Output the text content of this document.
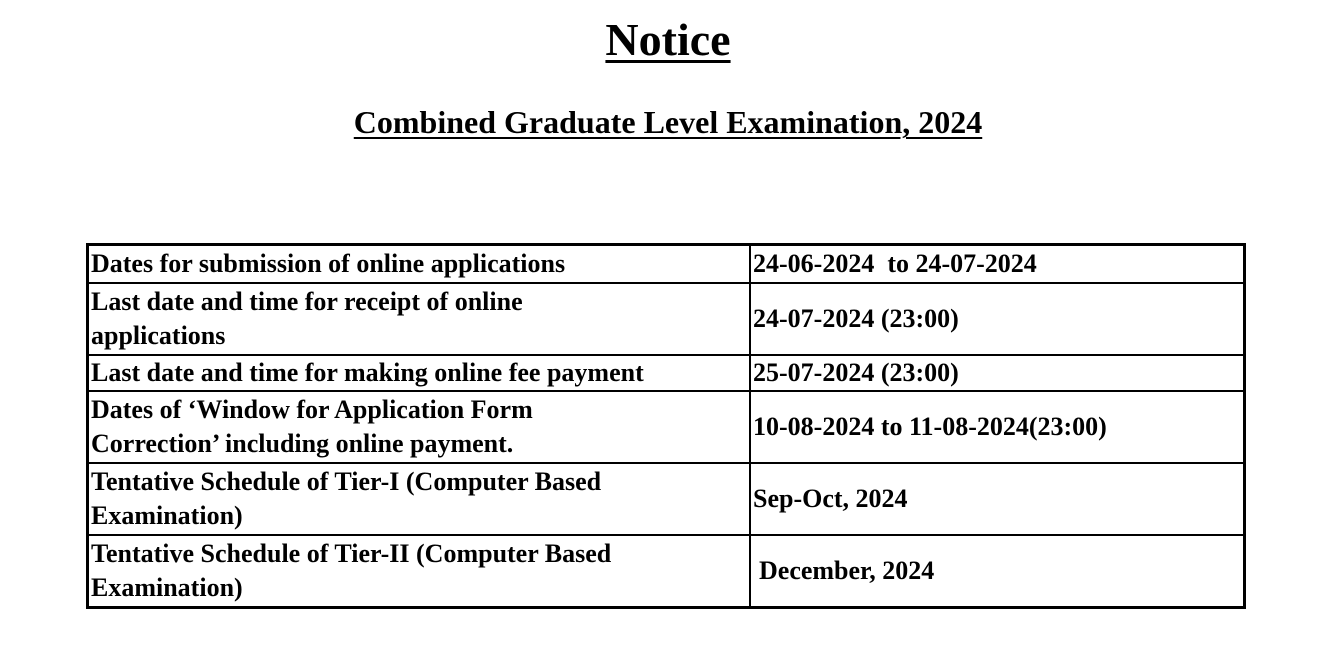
Notice
Combined Graduate Level Examination, 2024
Dates for submission of online applications	24-06-2024  to 24-07-2024
Last date and time for receipt of online applications	24-07-2024 (23:00)
Last date and time for making online fee payment	25-07-2024 (23:00)
Dates of ‘Window for Application Form Correction’ including online payment.	10-08-2024 to 11-08-2024(23:00)
Tentative Schedule of Tier-I (Computer Based Examination)	Sep-Oct, 2024
Tentative Schedule of Tier-II (Computer Based Examination)	December, 2024
